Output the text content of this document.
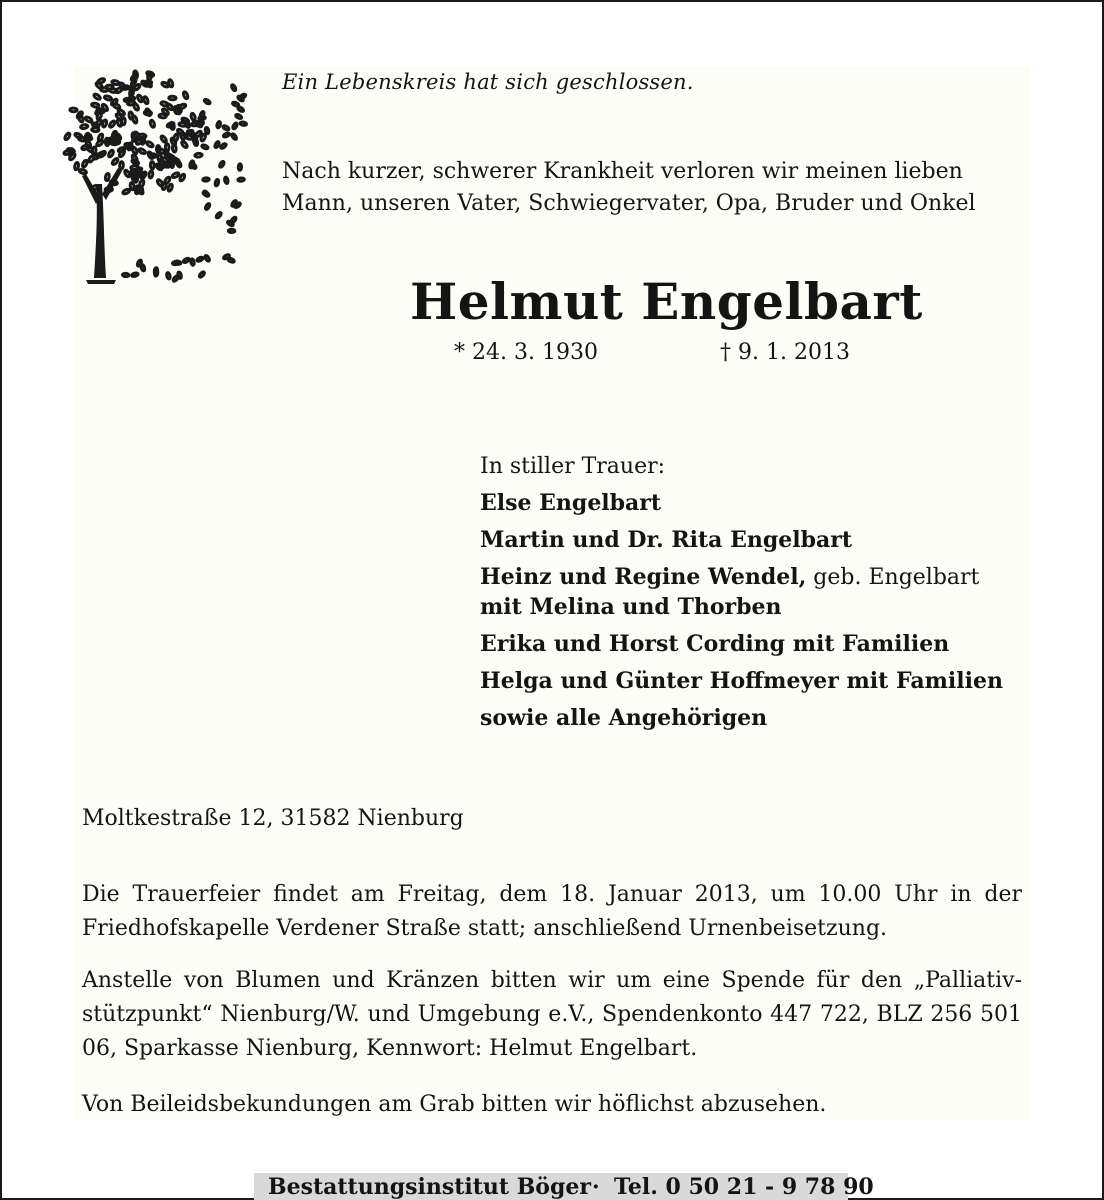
Ein Lebenskreis hat sich geschlossen.
Nach kurzer, schwerer Krankheit verloren wir meinen lieben
Mann, unseren Vater, Schwiegervater, Opa, Bruder und Onkel
Helmut Engelbart
* 24. 3. 1930	† 9. 1. 2013
In stiller Trauer:
Else Engelbart
Martin und Dr. Rita Engelbart
Heinz und Regine Wendel, geb. Engelbart
mit Melina und Thorben
Erika und Horst Cording mit Familien
Helga und Günter Hoffmeyer mit Familien
sowie alle Angehörigen
Moltkestraße 12, 31582 Nienburg
Die Trauerfeier findet am Freitag, dem 18. Januar 2013, um 10.00 Uhr in der Friedhofskapelle Verdener Straße statt; anschließend Urnenbeisetzung.
Anstelle von Blumen und Kränzen bitten wir um eine Spende für den „Palliativ-stützpunkt“ Nienburg/W. und Umgebung e.V., Spendenkonto 447 722, BLZ 256 501 06, Sparkasse Nienburg, Kennwort: Helmut Engelbart.
Von Beileidsbekundungen am Grab bitten wir höflichst abzusehen.
Bestattungsinstitut Böger · Tel. 0 50 21 - 9 78 90
